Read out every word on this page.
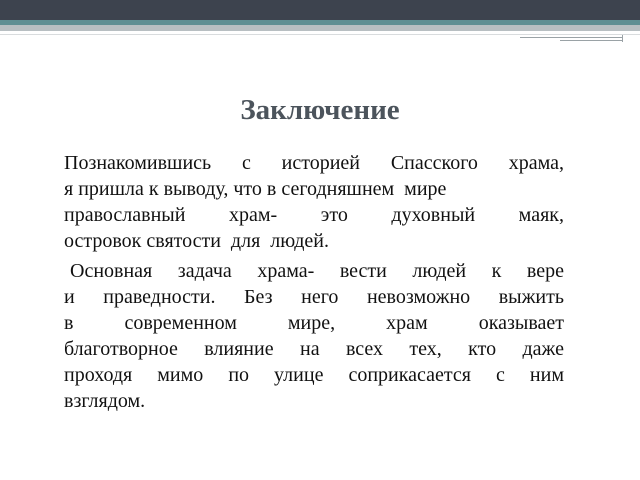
Заключение
Познакомившись с историей Спасского храма,
я пришла к выводу, что в сегодняшнем  мире
православный храм- это духовный маяк,
островок святости  для  людей.
Основная задача храма- вести людей к вере
и праведности. Без него невозможно выжить
в современном мире, храм оказывает
благотворное влияние на всех тех, кто даже
проходя мимо по улице соприкасается с ним
взглядом.
